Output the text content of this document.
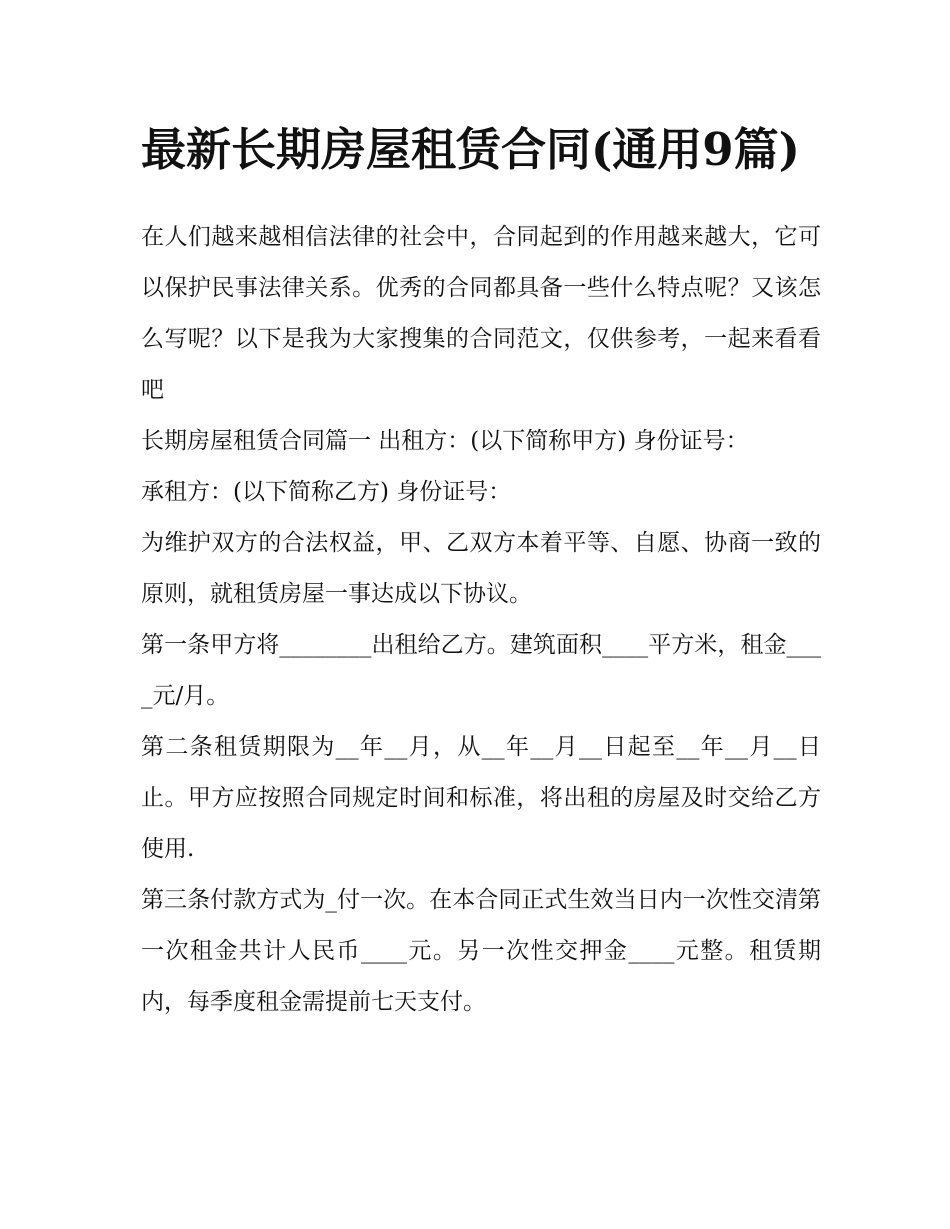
最新长期房屋租赁合同(通用9篇)

在人们越来越相信法律的社会中，合同起到的作用越来越大，它可以保护民事法律关系。优秀的合同都具备一些什么特点呢？又该怎么写呢？以下是我为大家搜集的合同范文，仅供参考，一起来看看吧

长期房屋租赁合同篇一 出租方：(以下简称甲方) 身份证号：

承租方：(以下简称乙方) 身份证号：

为维护双方的合法权益，甲、乙双方本着平等、自愿、协商一致的原则，就租赁房屋一事达成以下协议。

第一条甲方将________出租给乙方。建筑面积____平方米，租金____元/月。

第二条租赁期限为__年__月，从__年__月__日起至__年__月__日止。甲方应按照合同规定时间和标准，将出租的房屋及时交给乙方使用.

第三条付款方式为_付一次。在本合同正式生效当日内一次性交清第一次租金共计人民币____元。另一次性交押金____元整。租赁期内，每季度租金需提前七天支付。
